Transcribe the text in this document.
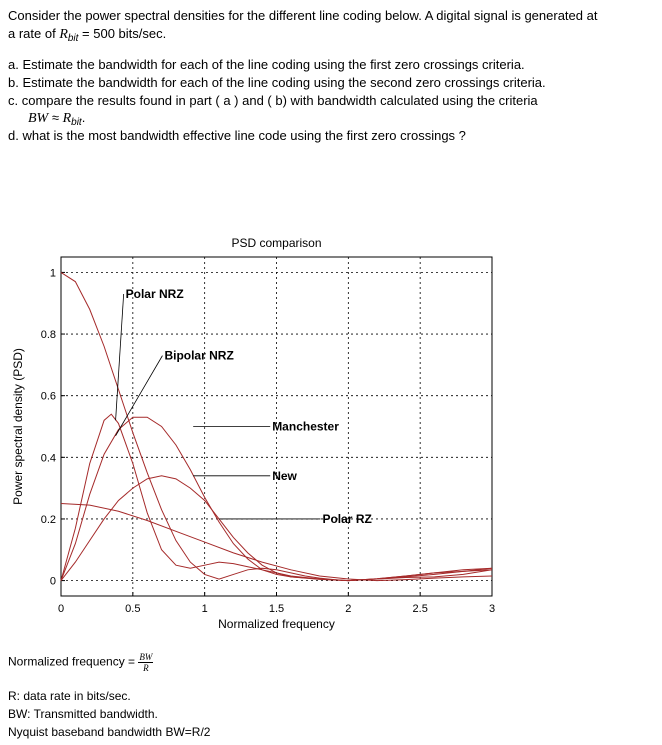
Consider the power spectral densities for the different line coding below. A digital signal is generated at
a rate of $R_{bit} = 500$ bits/sec.
a. Estimate the bandwidth for each of the line coding using the first zero crossings criteria.
b. Estimate the bandwidth for each of the line coding using the second zero crossings criteria.
c. compare the results found in part ( a ) and ( b) with bandwidth calculated using the criteria
BW ≈ $R_{bit}$.
d. what is the most bandwidth effective line code using the first zero crossings ?
0	0.5	1	1.5	2	2.5	3
0
0.2
0.4
0.6
0.8
1
PSD comparison
Normalized frequency
Power spectral density (PSD)
Polar NRZ
Bipolar NRZ
Manchester
New
Polar RZ
Normalized frequency = $\frac{BW}{R}$
R: data rate in bits/sec.
BW: Transmitted bandwidth.
Nyquist baseband bandwidth BW=R/2
